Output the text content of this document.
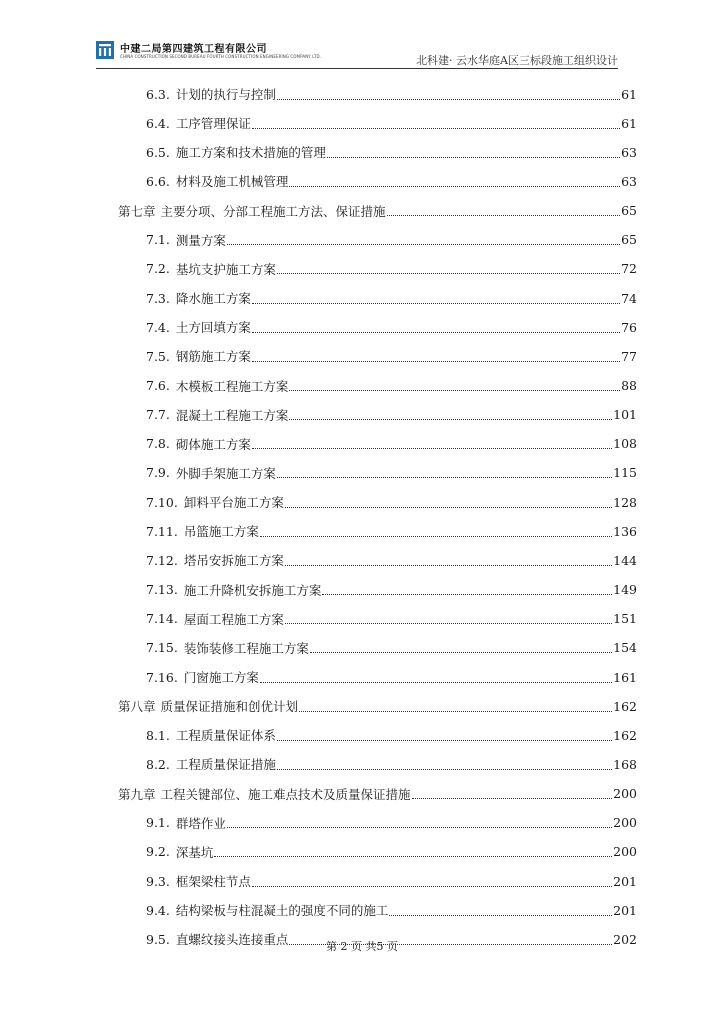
中建二局第四建筑工程有限公司
CHINA CONSTRUCTION SECOND BUREAU FOURTH CONSTRUCTION ENGINEERING COMPANY LTD.	北科建· 云水华庭A区三标段施工组织设计
6.3. 计划的执行与控制	61
6.4. 工序管理保证	61
6.5. 施工方案和技术措施的管理	63
6.6. 材料及施工机械管理	63
第七章 主要分项、分部工程施工方法、保证措施	65
7.1. 测量方案	65
7.2. 基坑支护施工方案	72
7.3. 降水施工方案	74
7.4. 土方回填方案	76
7.5. 钢筋施工方案	77
7.6. 木模板工程施工方案	88
7.7. 混凝土工程施工方案	101
7.8. 砌体施工方案	108
7.9. 外脚手架施工方案	115
7.10. 卸料平台施工方案	128
7.11. 吊篮施工方案	136
7.12. 塔吊安拆施工方案	144
7.13. 施工升降机安拆施工方案	149
7.14. 屋面工程施工方案	151
7.15. 装饰装修工程施工方案	154
7.16. 门窗施工方案	161
第八章 质量保证措施和创优计划	162
8.1. 工程质量保证体系	162
8.2. 工程质量保证措施	168
第九章 工程关键部位、施工难点技术及质量保证措施	200
9.1. 群塔作业	200
9.2. 深基坑	200
9.3. 框架梁柱节点	201
9.4. 结构梁板与柱混凝土的强度不同的施工	201
9.5. 直螺纹接头连接重点	202
第 2 页 共5 页
